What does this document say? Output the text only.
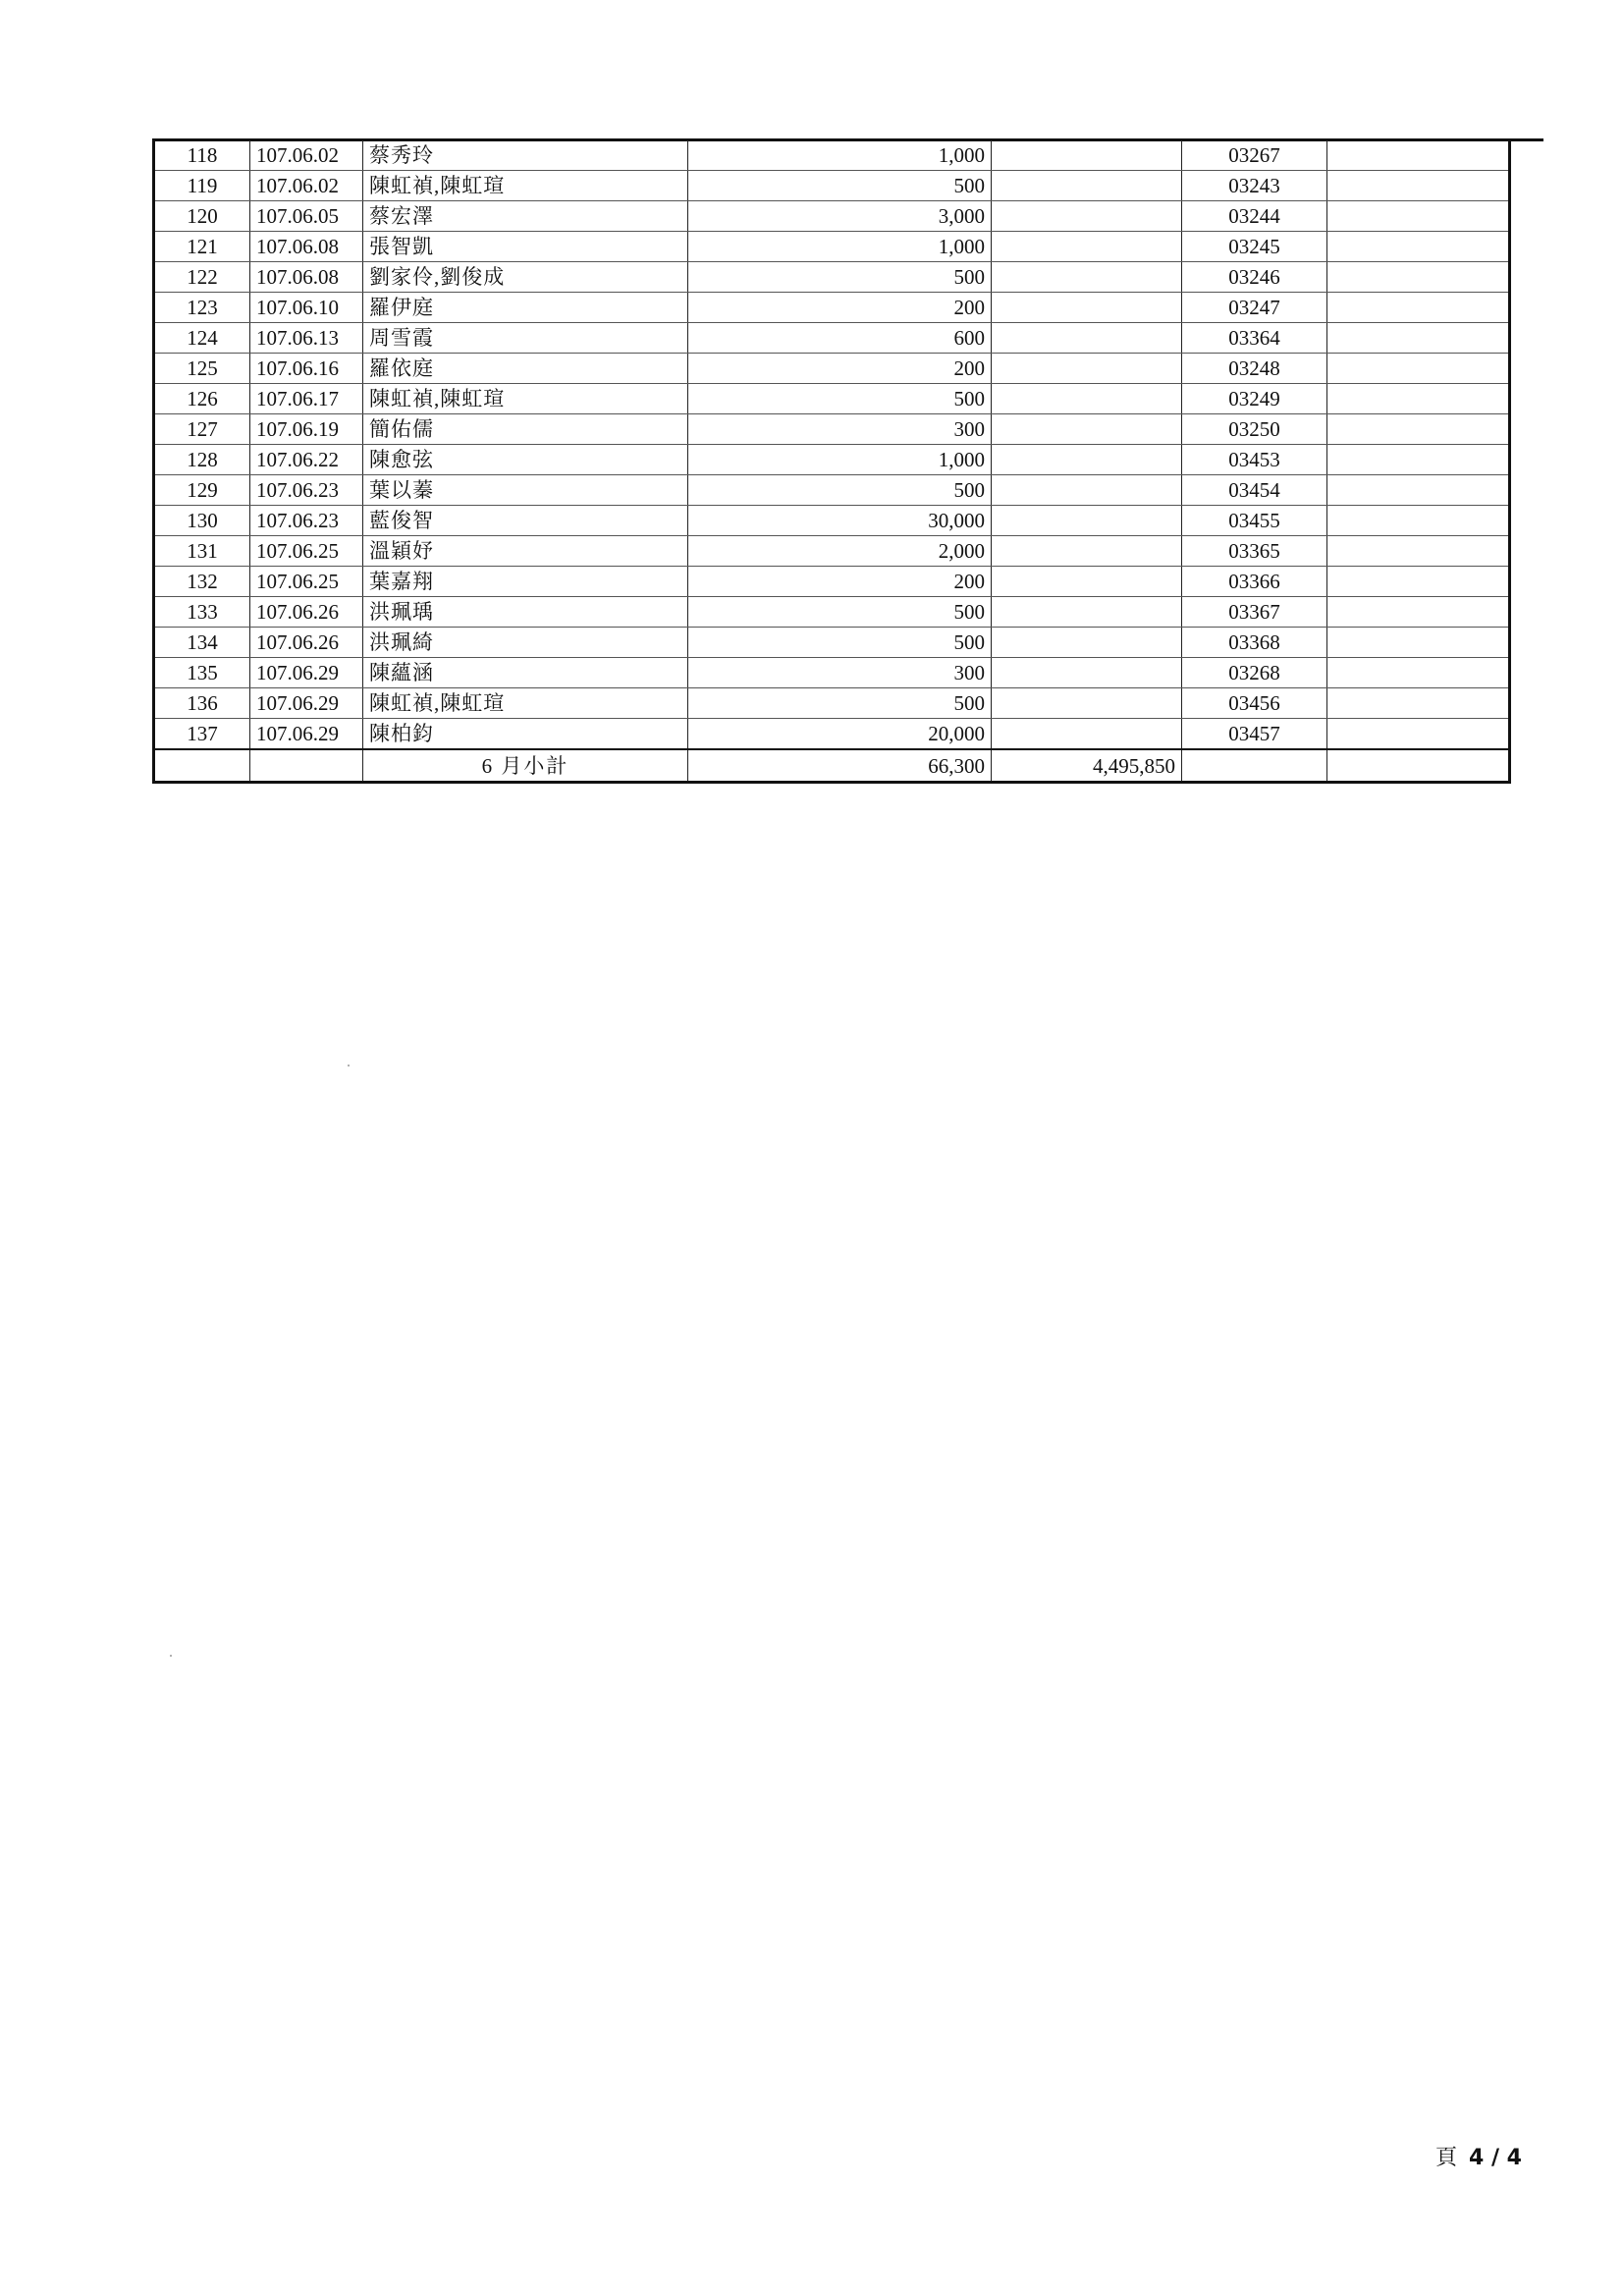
118	107.06.02	蔡秀玲	1,000		03267	
119	107.06.02	陳虹禎,陳虹瑄	500		03243	
120	107.06.05	蔡宏澤	3,000		03244	
121	107.06.08	張智凱	1,000		03245	
122	107.06.08	劉家伶,劉俊成	500		03246	
123	107.06.10	羅伊庭	200		03247	
124	107.06.13	周雪霞	600		03364	
125	107.06.16	羅依庭	200		03248	
126	107.06.17	陳虹禎,陳虹瑄	500		03249	
127	107.06.19	簡佑儒	300		03250	
128	107.06.22	陳愈弦	1,000		03453	
129	107.06.23	葉以蓁	500		03454	
130	107.06.23	藍俊智	30,000		03455	
131	107.06.25	溫穎妤	2,000		03365	
132	107.06.25	葉嘉翔	200		03366	
133	107.06.26	洪珮瑀	500		03367	
134	107.06.26	洪珮綺	500		03368	
135	107.06.29	陳蘊涵	300		03268	
136	107.06.29	陳虹禎,陳虹瑄	500		03456	
137	107.06.29	陳柏鈞	20,000		03457	
		6 月小計	66,300	4,495,850		
頁 4 / 4
